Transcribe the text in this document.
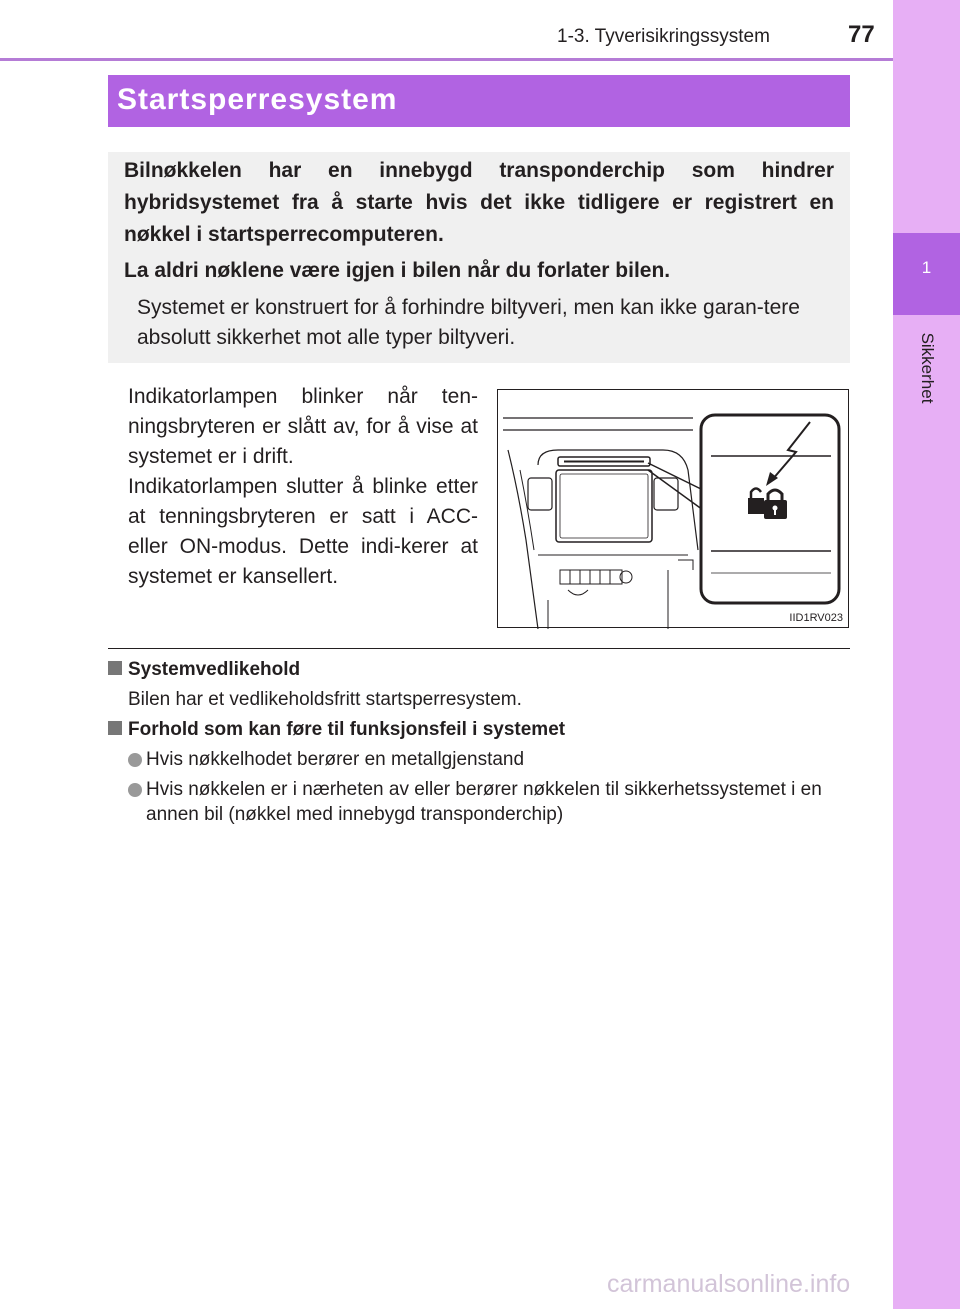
1-3. Tyverisikringssystem	77
1
Sikkerhet
Startsperresystem

Bilnøkkelen har en innebygd transponderchip som hindrer hybridsystemet fra å starte hvis det ikke tidligere er registrert en nøkkel i startsperrecomputeren.

La aldri nøklene være igjen i bilen når du forlater bilen.

Systemet er konstruert for å forhindre biltyveri, men kan ikke garan-tere absolutt sikkerhet mot alle typer biltyveri.

Indikatorlampen blinker når ten-ningsbryteren er slått av, for å vise at systemet er i drift.

Indikatorlampen slutter å blinke etter at tenningsbryteren er satt i ACC- eller ON-modus. Dette indi-kerer at systemet er kansellert.

IID1RV023

Systemvedlikehold

Bilen har et vedlikeholdsfritt startsperresystem.

Forhold som kan føre til funksjonsfeil i systemet

Hvis nøkkelhodet berører en metallgjenstand
Hvis nøkkelen er i nærheten av eller berører nøkkelen til sikkerhetssystemet i en annen bil (nøkkel med innebygd transponderchip)
carmanualsonline.info
